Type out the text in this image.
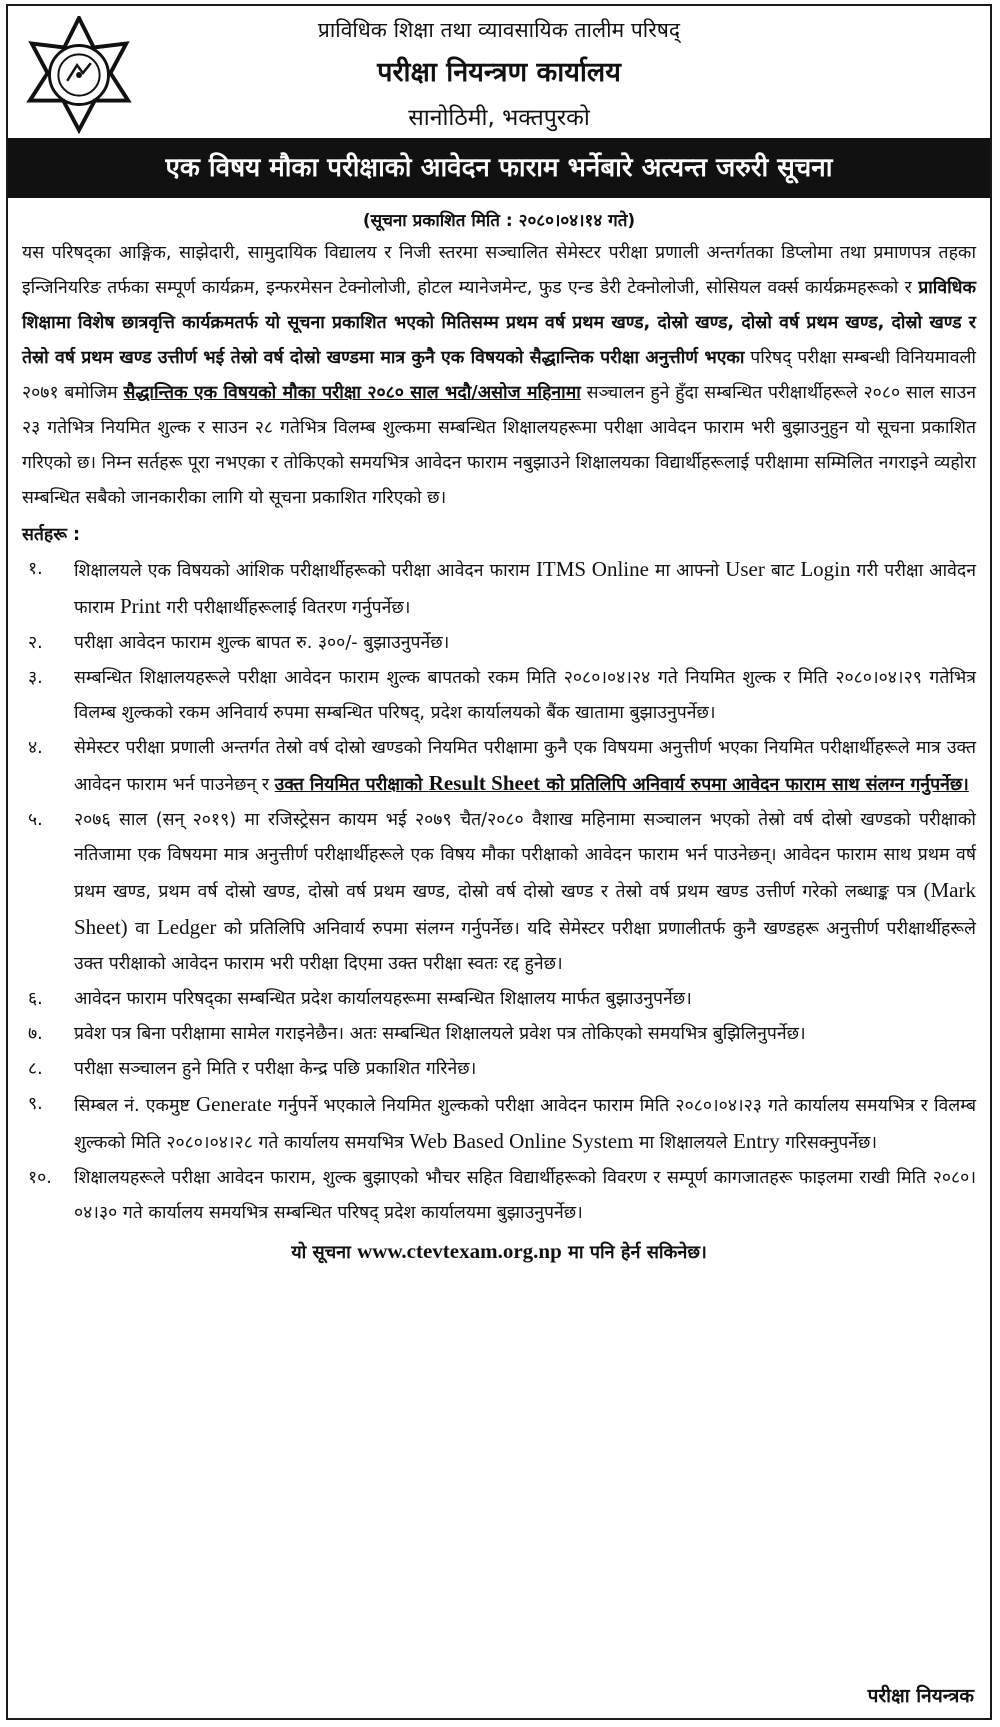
प्राविधिक शिक्षा तथा व्यावसायिक तालीम परिषद्
परीक्षा नियन्त्रण कार्यालय
सानोठिमी, भक्तपुरको
एक विषय मौका परीक्षाको आवेदन फाराम भर्नेबारे अत्यन्त जरुरी सूचना
(सूचना प्रकाशित मिति : २०८०।०४।१४ गते)

यस परिषद्का आङ्गिक, साझेदारी, सामुदायिक विद्यालय र निजी स्तरमा सञ्चालित सेमेस्टर परीक्षा प्रणाली अन्तर्गतका डिप्लोमा तथा प्रमाणपत्र तहका इन्जिनियरिङ तर्फका सम्पूर्ण कार्यक्रम, इन्फरमेसन टेक्नोलोजी, होटल म्यानेजमेन्ट, फुड एन्ड डेरी टेक्नोलोजी, सोसियल वर्क्स कार्यक्रमहरूको र प्राविधिक शिक्षामा विशेष छात्रवृत्ति कार्यक्रमतर्फ यो सूचना प्रकाशित भएको मितिसम्म प्रथम वर्ष प्रथम खण्ड, दोस्रो खण्ड, दोस्रो वर्ष प्रथम खण्ड, दोस्रो खण्ड र तेस्रो वर्ष प्रथम खण्ड उत्तीर्ण भई तेस्रो वर्ष दोस्रो खण्डमा मात्र कुनै एक विषयको सैद्धान्तिक परीक्षा अनुत्तीर्ण भएका परिषद् परीक्षा सम्बन्धी विनियमावली २०७१ बमोजिम सैद्धान्तिक एक विषयको मौका परीक्षा २०८० साल भदौ/असोज महिनामा सञ्चालन हुने हुँदा सम्बन्धित परीक्षार्थीहरूले २०८० साल साउन २३ गतेभित्र नियमित शुल्क र साउन २८ गतेभित्र विलम्ब शुल्कमा सम्बन्धित शिक्षालयहरूमा परीक्षा आवेदन फाराम भरी बुझाउनुहुन यो सूचना प्रकाशित गरिएको छ। निम्न सर्तहरू पूरा नभएका र तोकिएको समयभित्र आवेदन फाराम नबुझाउने शिक्षालयका विद्यार्थीहरूलाई परीक्षामा सम्मिलित नगराइने व्यहोरा सम्बन्धित सबैको जानकारीका लागि यो सूचना प्रकाशित गरिएको छ।

सर्तहरू :
१.	शिक्षालयले एक विषयको आंशिक परीक्षार्थीहरूको परीक्षा आवेदन फाराम ITMS Online मा आफ्नो User बाट Login गरी परीक्षा आवेदन फाराम Print गरी परीक्षार्थीहरूलाई वितरण गर्नुपर्नेछ।
२.	परीक्षा आवेदन फाराम शुल्क बापत रु. ३००/- बुझाउनुपर्नेछ।
३.	सम्बन्धित शिक्षालयहरूले परीक्षा आवेदन फाराम शुल्क बापतको रकम मिति २०८०।०४।२४ गते नियमित शुल्क र मिति २०८०।०४।२९ गतेभित्र विलम्ब शुल्कको रकम अनिवार्य रुपमा सम्बन्धित परिषद्, प्रदेश कार्यालयको बैंक खातामा बुझाउनुपर्नेछ।
४.	सेमेस्टर परीक्षा प्रणाली अन्तर्गत तेस्रो वर्ष दोस्रो खण्डको नियमित परीक्षामा कुनै एक विषयमा अनुत्तीर्ण भएका नियमित परीक्षार्थीहरूले मात्र उक्त आवेदन फाराम भर्न पाउनेछन् र उक्त नियमित परीक्षाको Result Sheet को प्रतिलिपि अनिवार्य रुपमा आवेदन फाराम साथ संलग्न गर्नुपर्नेछ।
५.	२०७६ साल (सन् २०१९) मा रजिस्ट्रेसन कायम भई २०७९ चैत/२०८० वैशाख महिनामा सञ्चालन भएको तेस्रो वर्ष दोस्रो खण्डको परीक्षाको नतिजामा एक विषयमा मात्र अनुत्तीर्ण परीक्षार्थीहरूले एक विषय मौका परीक्षाको आवेदन फाराम भर्न पाउनेछन्। आवेदन फाराम साथ प्रथम वर्ष प्रथम खण्ड, प्रथम वर्ष दोस्रो खण्ड, दोस्रो वर्ष प्रथम खण्ड, दोस्रो वर्ष दोस्रो खण्ड र तेस्रो वर्ष प्रथम खण्ड उत्तीर्ण गरेको लब्धाङ्क पत्र (Mark Sheet) वा Ledger को प्रतिलिपि अनिवार्य रुपमा संलग्न गर्नुपर्नेछ। यदि सेमेस्टर परीक्षा प्रणालीतर्फ कुनै खण्डहरू अनुत्तीर्ण परीक्षार्थीहरूले उक्त परीक्षाको आवेदन फाराम भरी परीक्षा दिएमा उक्त परीक्षा स्वतः रद्द हुनेछ।
६.	आवेदन फाराम परिषद्का सम्बन्धित प्रदेश कार्यालयहरूमा सम्बन्धित शिक्षालय मार्फत बुझाउनुपर्नेछ।
७.	प्रवेश पत्र बिना परीक्षामा सामेल गराइनेछैन। अतः सम्बन्धित शिक्षालयले प्रवेश पत्र तोकिएको समयभित्र बुझिलिनुपर्नेछ।
८.	परीक्षा सञ्चालन हुने मिति र परीक्षा केन्द्र पछि प्रकाशित गरिनेछ।
९.	सिम्बल नं. एकमुष्ट Generate गर्नुपर्ने भएकाले नियमित शुल्कको परीक्षा आवेदन फाराम मिति २०८०।०४।२३ गते कार्यालय समयभित्र र विलम्ब शुल्कको मिति २०८०।०४।२८ गते कार्यालय समयभित्र Web Based Online System मा शिक्षालयले Entry गरिसक्नुपर्नेछ।
१०.	शिक्षालयहरूले परीक्षा आवेदन फाराम, शुल्क बुझाएको भौचर सहित विद्यार्थीहरूको विवरण र सम्पूर्ण कागजातहरू फाइलमा राखी मिति २०८०।०४।३० गते कार्यालय समयभित्र सम्बन्धित परिषद् प्रदेश कार्यालयमा बुझाउनुपर्नेछ।
यो सूचना www.ctevtexam.org.np मा पनि हेर्न सकिनेछ।
परीक्षा नियन्त्रक
